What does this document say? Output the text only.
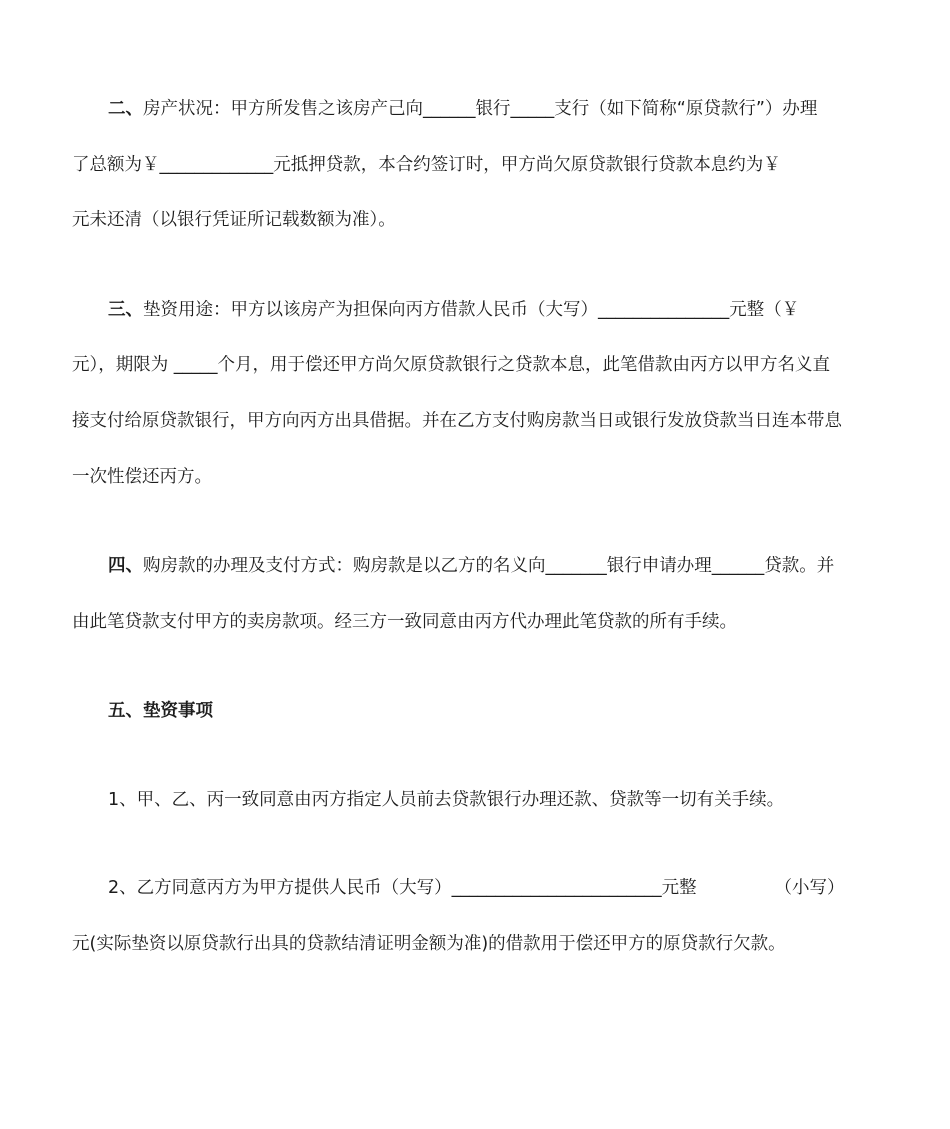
二、房产状况：甲方所发售之该房产己向______银行_____支行（如下简称“原贷款行”）办理
了总额为￥_____________元抵押贷款，本合约签订时，甲方尚欠原贷款银行贷款本息约为￥
元未还清（以银行凭证所记载数额为准）。
三、垫资用途：甲方以该房产为担保向丙方借款人民币（大写）_______________元整（￥
元），期限为 _____个月，用于偿还甲方尚欠原贷款银行之贷款本息，此笔借款由丙方以甲方名义直
接支付给原贷款银行，甲方向丙方出具借据。并在乙方支付购房款当日或银行发放贷款当日连本带息
一次性偿还丙方。
四、购房款的办理及支付方式：购房款是以乙方的名义向_______银行申请办理______贷款。并
由此笔贷款支付甲方的卖房款项。经三方一致同意由丙方代办理此笔贷款的所有手续。
五、垫资事项
1、甲、乙、丙一致同意由丙方指定人员前去贷款银行办理还款、贷款等一切有关手续。
2、乙方同意丙方为甲方提供人民币（大写）________________________元整              （小写）
元(实际垫资以原贷款行出具的贷款结清证明金额为准)的借款用于偿还甲方的原贷款行欠款。
